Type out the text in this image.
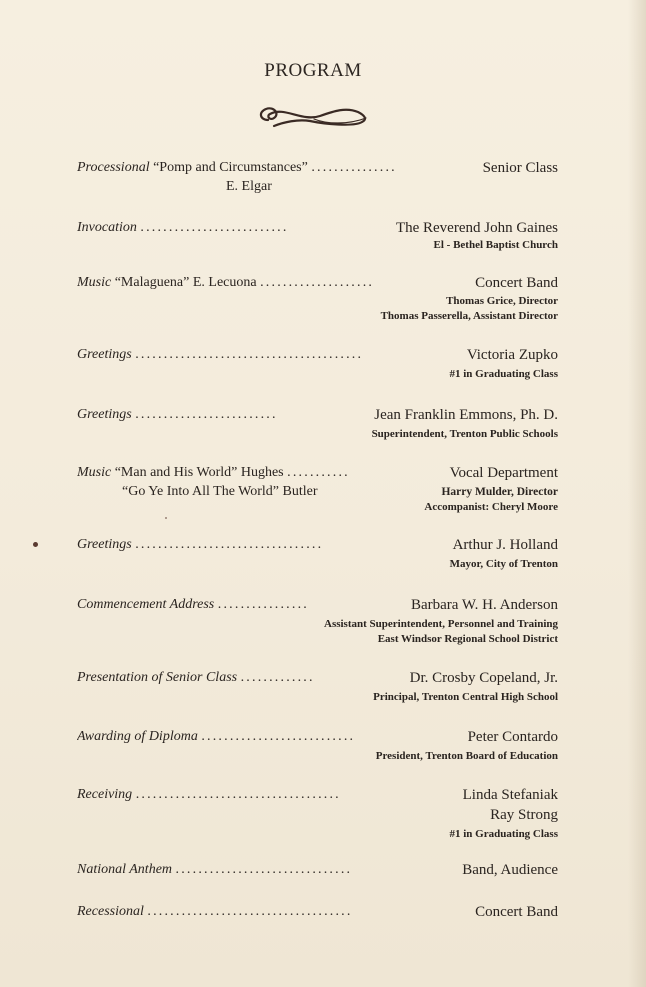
PROGRAM
Processional “Pomp and Circumstances” ...............	Senior Class
E. Elgar
Invocation ..........................	The Reverend John Gaines
El - Bethel Baptist Church
Music “Malaguena” E. Lecuona ....................	Concert Band
Thomas Grice, Director
Thomas Passerella, Assistant Director
Greetings ........................................	Victoria Zupko
#1 in Graduating Class
Greetings .........................	Jean Franklin Emmons, Ph. D.
Superintendent, Trenton Public Schools
Music “Man and His World” Hughes ...........	Vocal Department
“Go Ye Into All The World” Butler	Harry Mulder, Director
Accompanist: Cheryl Moore
Greetings .................................	Arthur J. Holland
Mayor, City of Trenton
Commencement Address ................	Barbara W. H. Anderson
Assistant Superintendent, Personnel and Training
East Windsor Regional School District
Presentation of Senior Class .............	Dr. Crosby Copeland, Jr.
Principal, Trenton Central High School
Awarding of Diploma ...........................	Peter Contardo
President, Trenton Board of Education
Receiving ....................................	Linda Stefaniak
Ray Strong
#1 in Graduating Class
National Anthem ...............................	Band, Audience
Recessional ....................................	Concert Band
